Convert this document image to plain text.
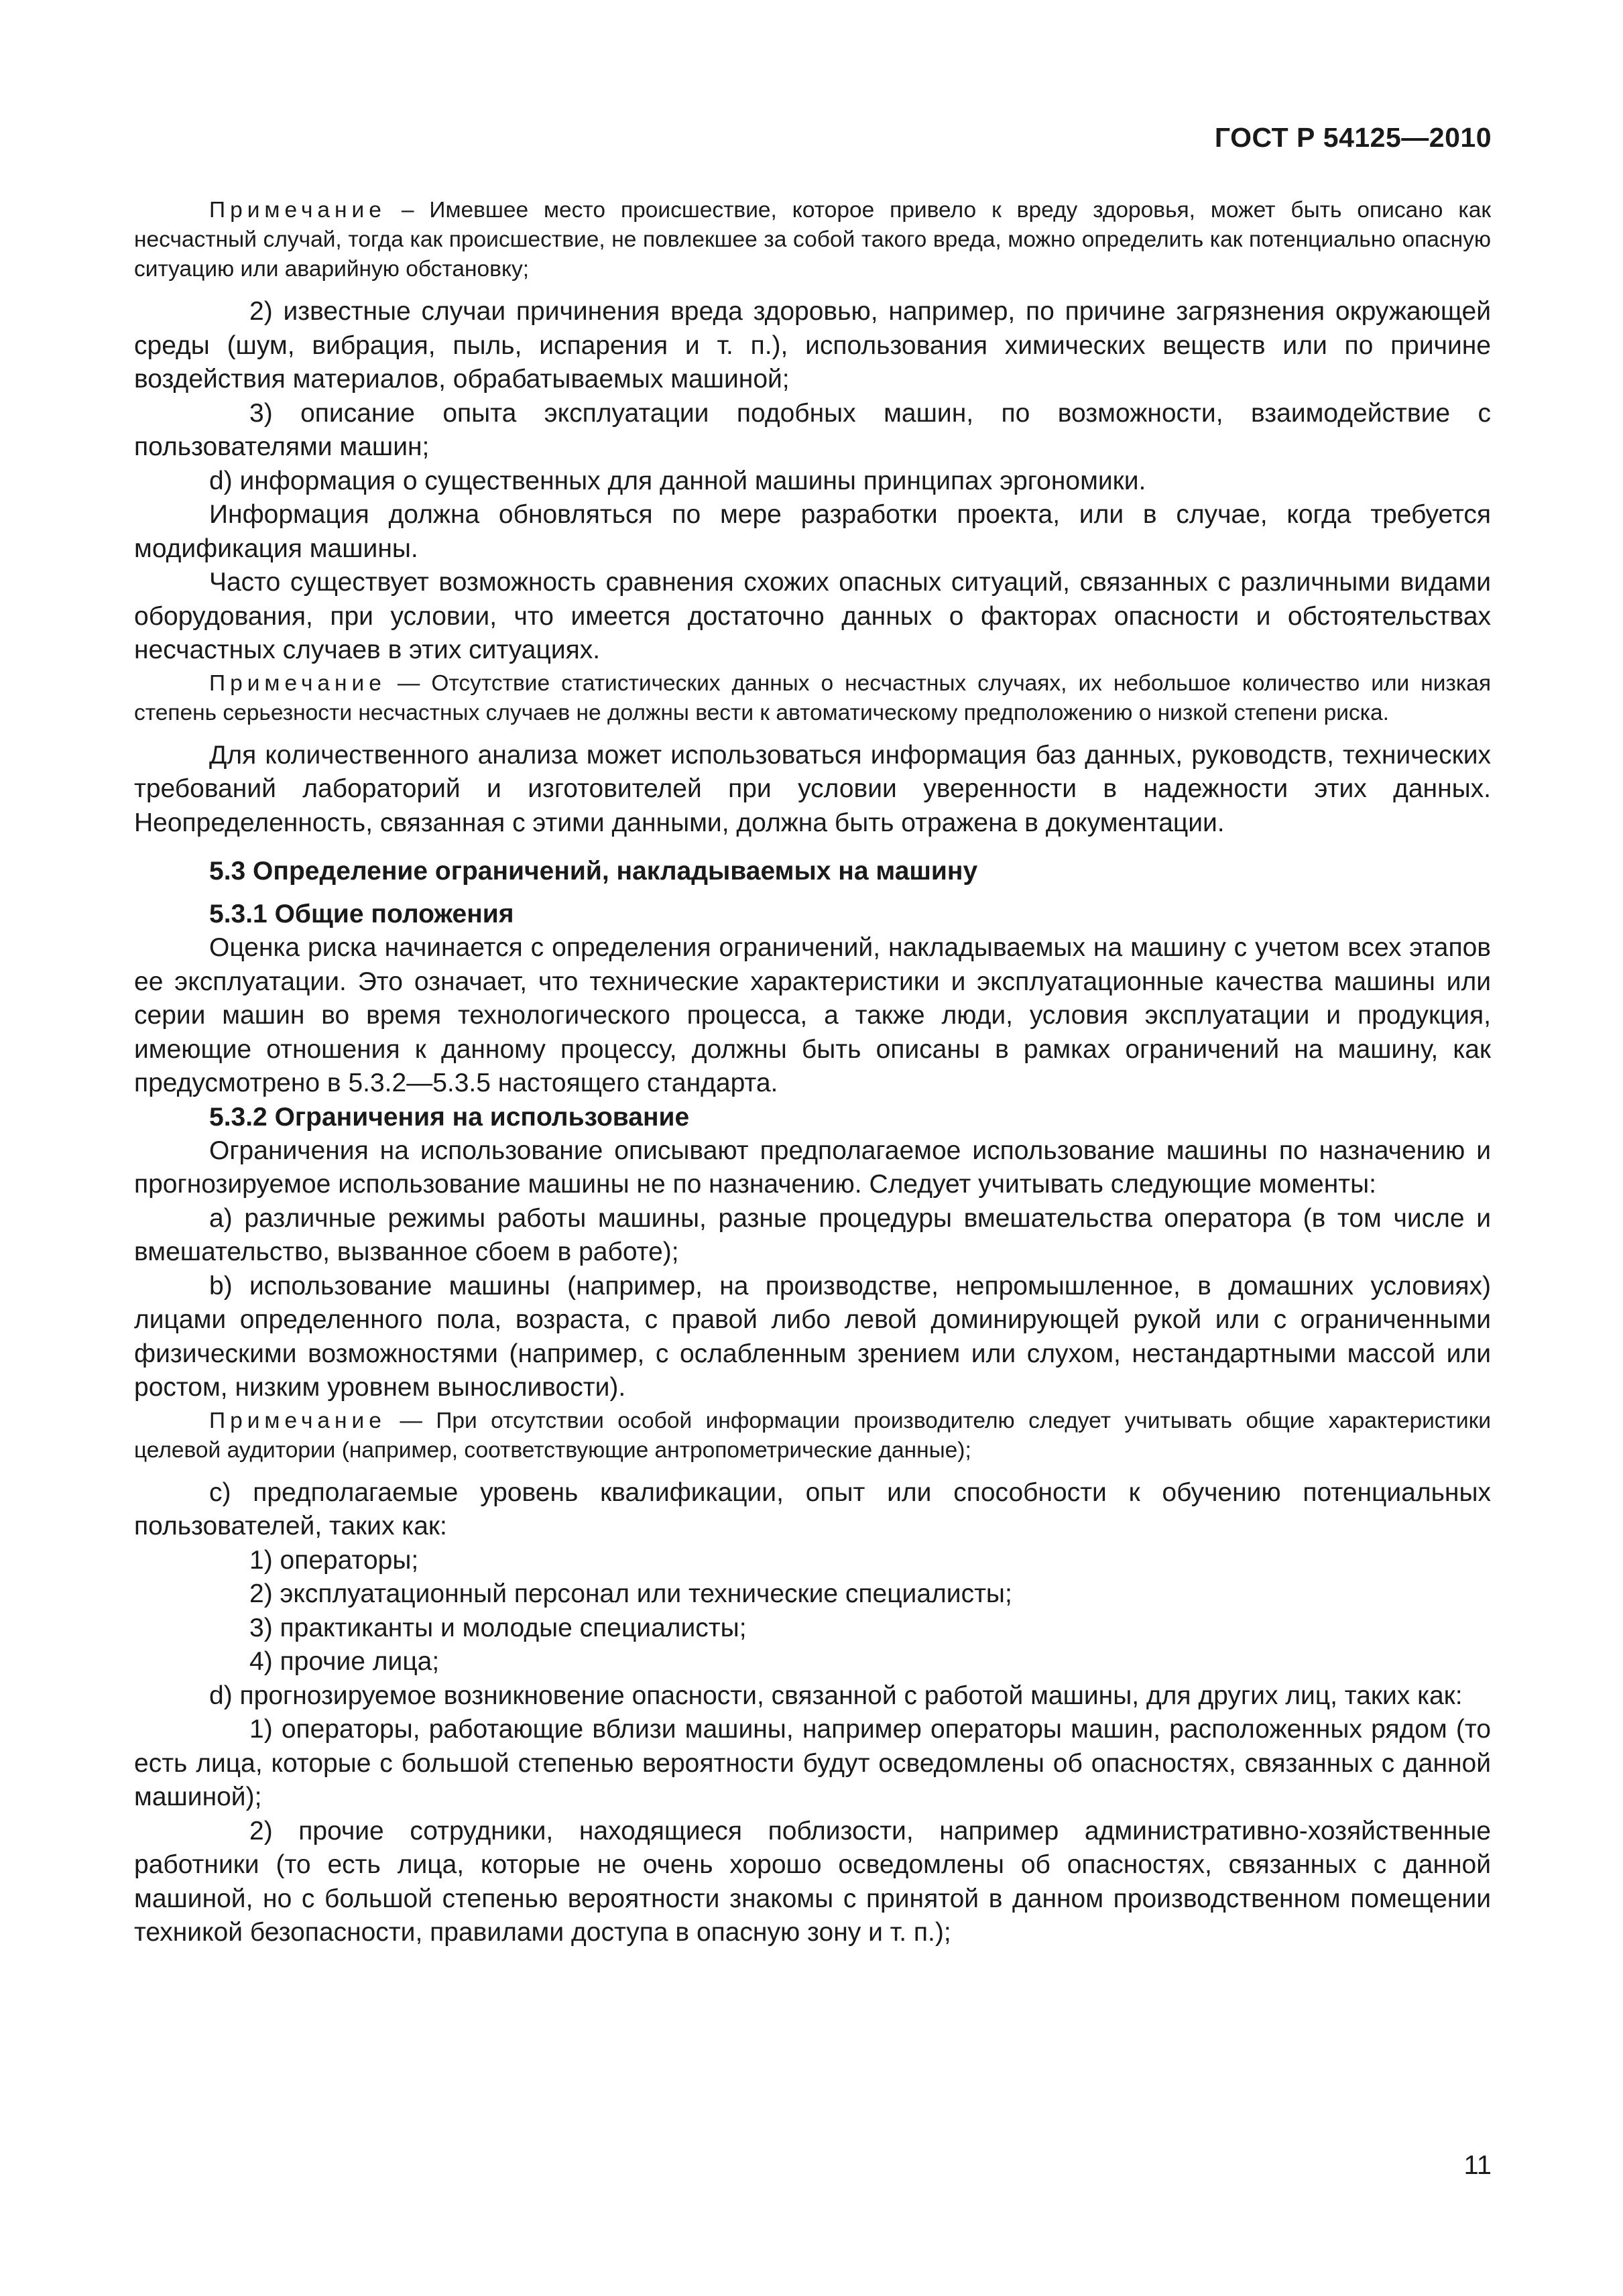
ГОСТ Р 54125—2010

Примечание – Имевшее место происшествие, которое привело к вреду здоровья, может быть описано как несчастный случай, тогда как происшествие, не повлекшее за собой такого вреда, можно определить как потенциально опасную ситуацию или аварийную обстановку;

2) известные случаи причинения вреда здоровью, например, по причине загрязнения окружающей среды (шум, вибрация, пыль, испарения и т. п.), использования химических веществ или по причине воздействия материалов, обрабатываемых машиной;

3) описание опыта эксплуатации подобных машин, по возможности, взаимодействие с пользователями машин;

d) информация о существенных для данной машины принципах эргономики.

Информация должна обновляться по мере разработки проекта, или в случае, когда требуется модификация машины.

Часто существует возможность сравнения схожих опасных ситуаций, связанных с различными видами оборудования, при условии, что имеется достаточно данных о факторах опасности и обстоятельствах несчастных случаев в этих ситуациях.

Примечание — Отсутствие статистических данных о несчастных случаях, их небольшое количество или низкая степень серьезности несчастных случаев не должны вести к автоматическому предположению о низкой степени риска.

Для количественного анализа может использоваться информация баз данных, руководств, технических требований лабораторий и изготовителей при условии уверенности в надежности этих данных. Неопределенность, связанная с этими данными, должна быть отражена в документации.

5.3 Определение ограничений, накладываемых на машину

5.3.1 Общие положения

Оценка риска начинается с определения ограничений, накладываемых на машину с учетом всех этапов ее эксплуатации. Это означает, что технические характеристики и эксплуатационные качества машины или серии машин во время технологического процесса, а также люди, условия эксплуатации и продукция, имеющие отношения к данному процессу, должны быть описаны в рамках ограничений на машину, как предусмотрено в 5.3.2—5.3.5 настоящего стандарта.

5.3.2 Ограничения на использование

Ограничения на использование описывают предполагаемое использование машины по назначению и прогнозируемое использование машины не по назначению. Следует учитывать следующие моменты:

a) различные режимы работы машины, разные процедуры вмешательства оператора (в том числе и вмешательство, вызванное сбоем в работе);

b) использование машины (например, на производстве, непромышленное, в домашних условиях) лицами определенного пола, возраста, с правой либо левой доминирующей рукой или с ограниченными физическими возможностями (например, с ослабленным зрением или слухом, нестандартными массой или ростом, низким уровнем выносливости).

Примечание — При отсутствии особой информации производителю следует учитывать общие характеристики целевой аудитории (например, соответствующие антропометрические данные);

c) предполагаемые уровень квалификации, опыт или способности к обучению потенциальных пользователей, таких как:

1) операторы;

2) эксплуатационный персонал или технические специалисты;

3) практиканты и молодые специалисты;

4) прочие лица;

d) прогнозируемое возникновение опасности, связанной с работой машины, для других лиц, таких как:

1) операторы, работающие вблизи машины, например операторы машин, расположенных рядом (то есть лица, которые с большой степенью вероятности будут осведомлены об опасностях, связанных с данной машиной);

2) прочие сотрудники, находящиеся поблизости, например административно-хозяйственные работники (то есть лица, которые не очень хорошо осведомлены об опасностях, связанных с данной машиной, но с большой степенью вероятности знакомы с принятой в данном производственном помещении техникой безопасности, правилами доступа в опасную зону и т. п.);

11
